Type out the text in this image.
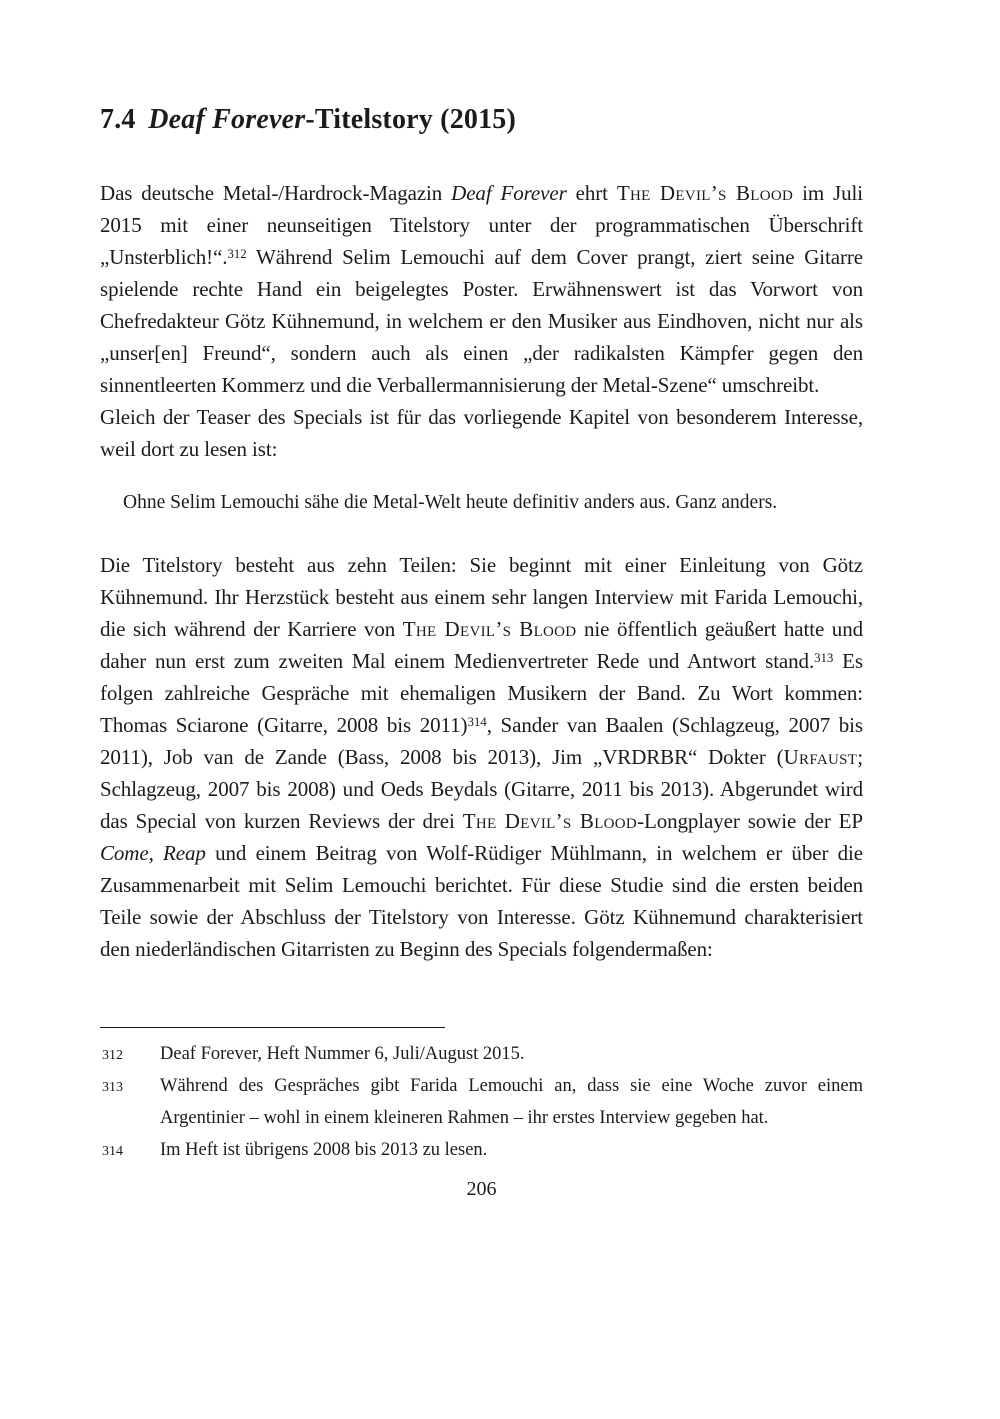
7.4 Deaf Forever-Titelstory (2015)

Das deutsche Metal-/Hardrock-Magazin Deaf Forever ehrt The Devil’s Blood im Juli 2015 mit einer neunseitigen Titelstory unter der programmatischen Überschrift „Unsterblich!“.$^{312}$ Während Selim Lemouchi auf dem Cover prangt, ziert seine Gitarre spielende rechte Hand ein beigelegtes Poster. Erwähnenswert ist das Vorwort von Chefredakteur Götz Kühnemund, in welchem er den Musiker aus Eindhoven, nicht nur als „unser[en] Freund“, sondern auch als einen „der radikalsten Kämpfer gegen den sinnentleerten Kommerz und die Verballermannisierung der Metal-Szene“ umschreibt.

Gleich der Teaser des Specials ist für das vorliegende Kapitel von besonderem Interesse, weil dort zu lesen ist:

Ohne Selim Lemouchi sähe die Metal-Welt heute definitiv anders aus. Ganz anders.

Die Titelstory besteht aus zehn Teilen: Sie beginnt mit einer Einleitung von Götz Kühnemund. Ihr Herzstück besteht aus einem sehr langen Interview mit Farida Lemouchi, die sich während der Karriere von The Devil’s Blood nie öffentlich geäußert hatte und daher nun erst zum zweiten Mal einem Medienvertreter Rede und Antwort stand.$^{313}$ Es folgen zahlreiche Gespräche mit ehemaligen Musikern der Band. Zu Wort kommen: Thomas Sciarone (Gitarre, 2008 bis 2011)$^{314}$, Sander van Baalen (Schlagzeug, 2007 bis 2011), Job van de Zande (Bass, 2008 bis 2013), Jim „VRDRBR“ Dokter (Urfaust; Schlagzeug, 2007 bis 2008) und Oeds Beydals (Gitarre, 2011 bis 2013). Abgerundet wird das Special von kurzen Reviews der drei The Devil’s Blood-Longplayer sowie der EP Come, Reap und einem Beitrag von Wolf-Rüdiger Mühlmann, in welchem er über die Zusammenarbeit mit Selim Lemouchi berichtet. Für diese Studie sind die ersten beiden Teile sowie der Abschluss der Titelstory von Interesse. Götz Kühnemund charakterisiert den niederländischen Gitarristen zu Beginn des Specials folgendermaßen:

312 Deaf Forever, Heft Nummer 6, Juli/August 2015.
313 Während des Gespräches gibt Farida Lemouchi an, dass sie eine Woche zuvor einem Argentinier – wohl in einem kleineren Rahmen – ihr erstes Interview gegeben hat.
314 Im Heft ist übrigens 2008 bis 2013 zu lesen.
206
